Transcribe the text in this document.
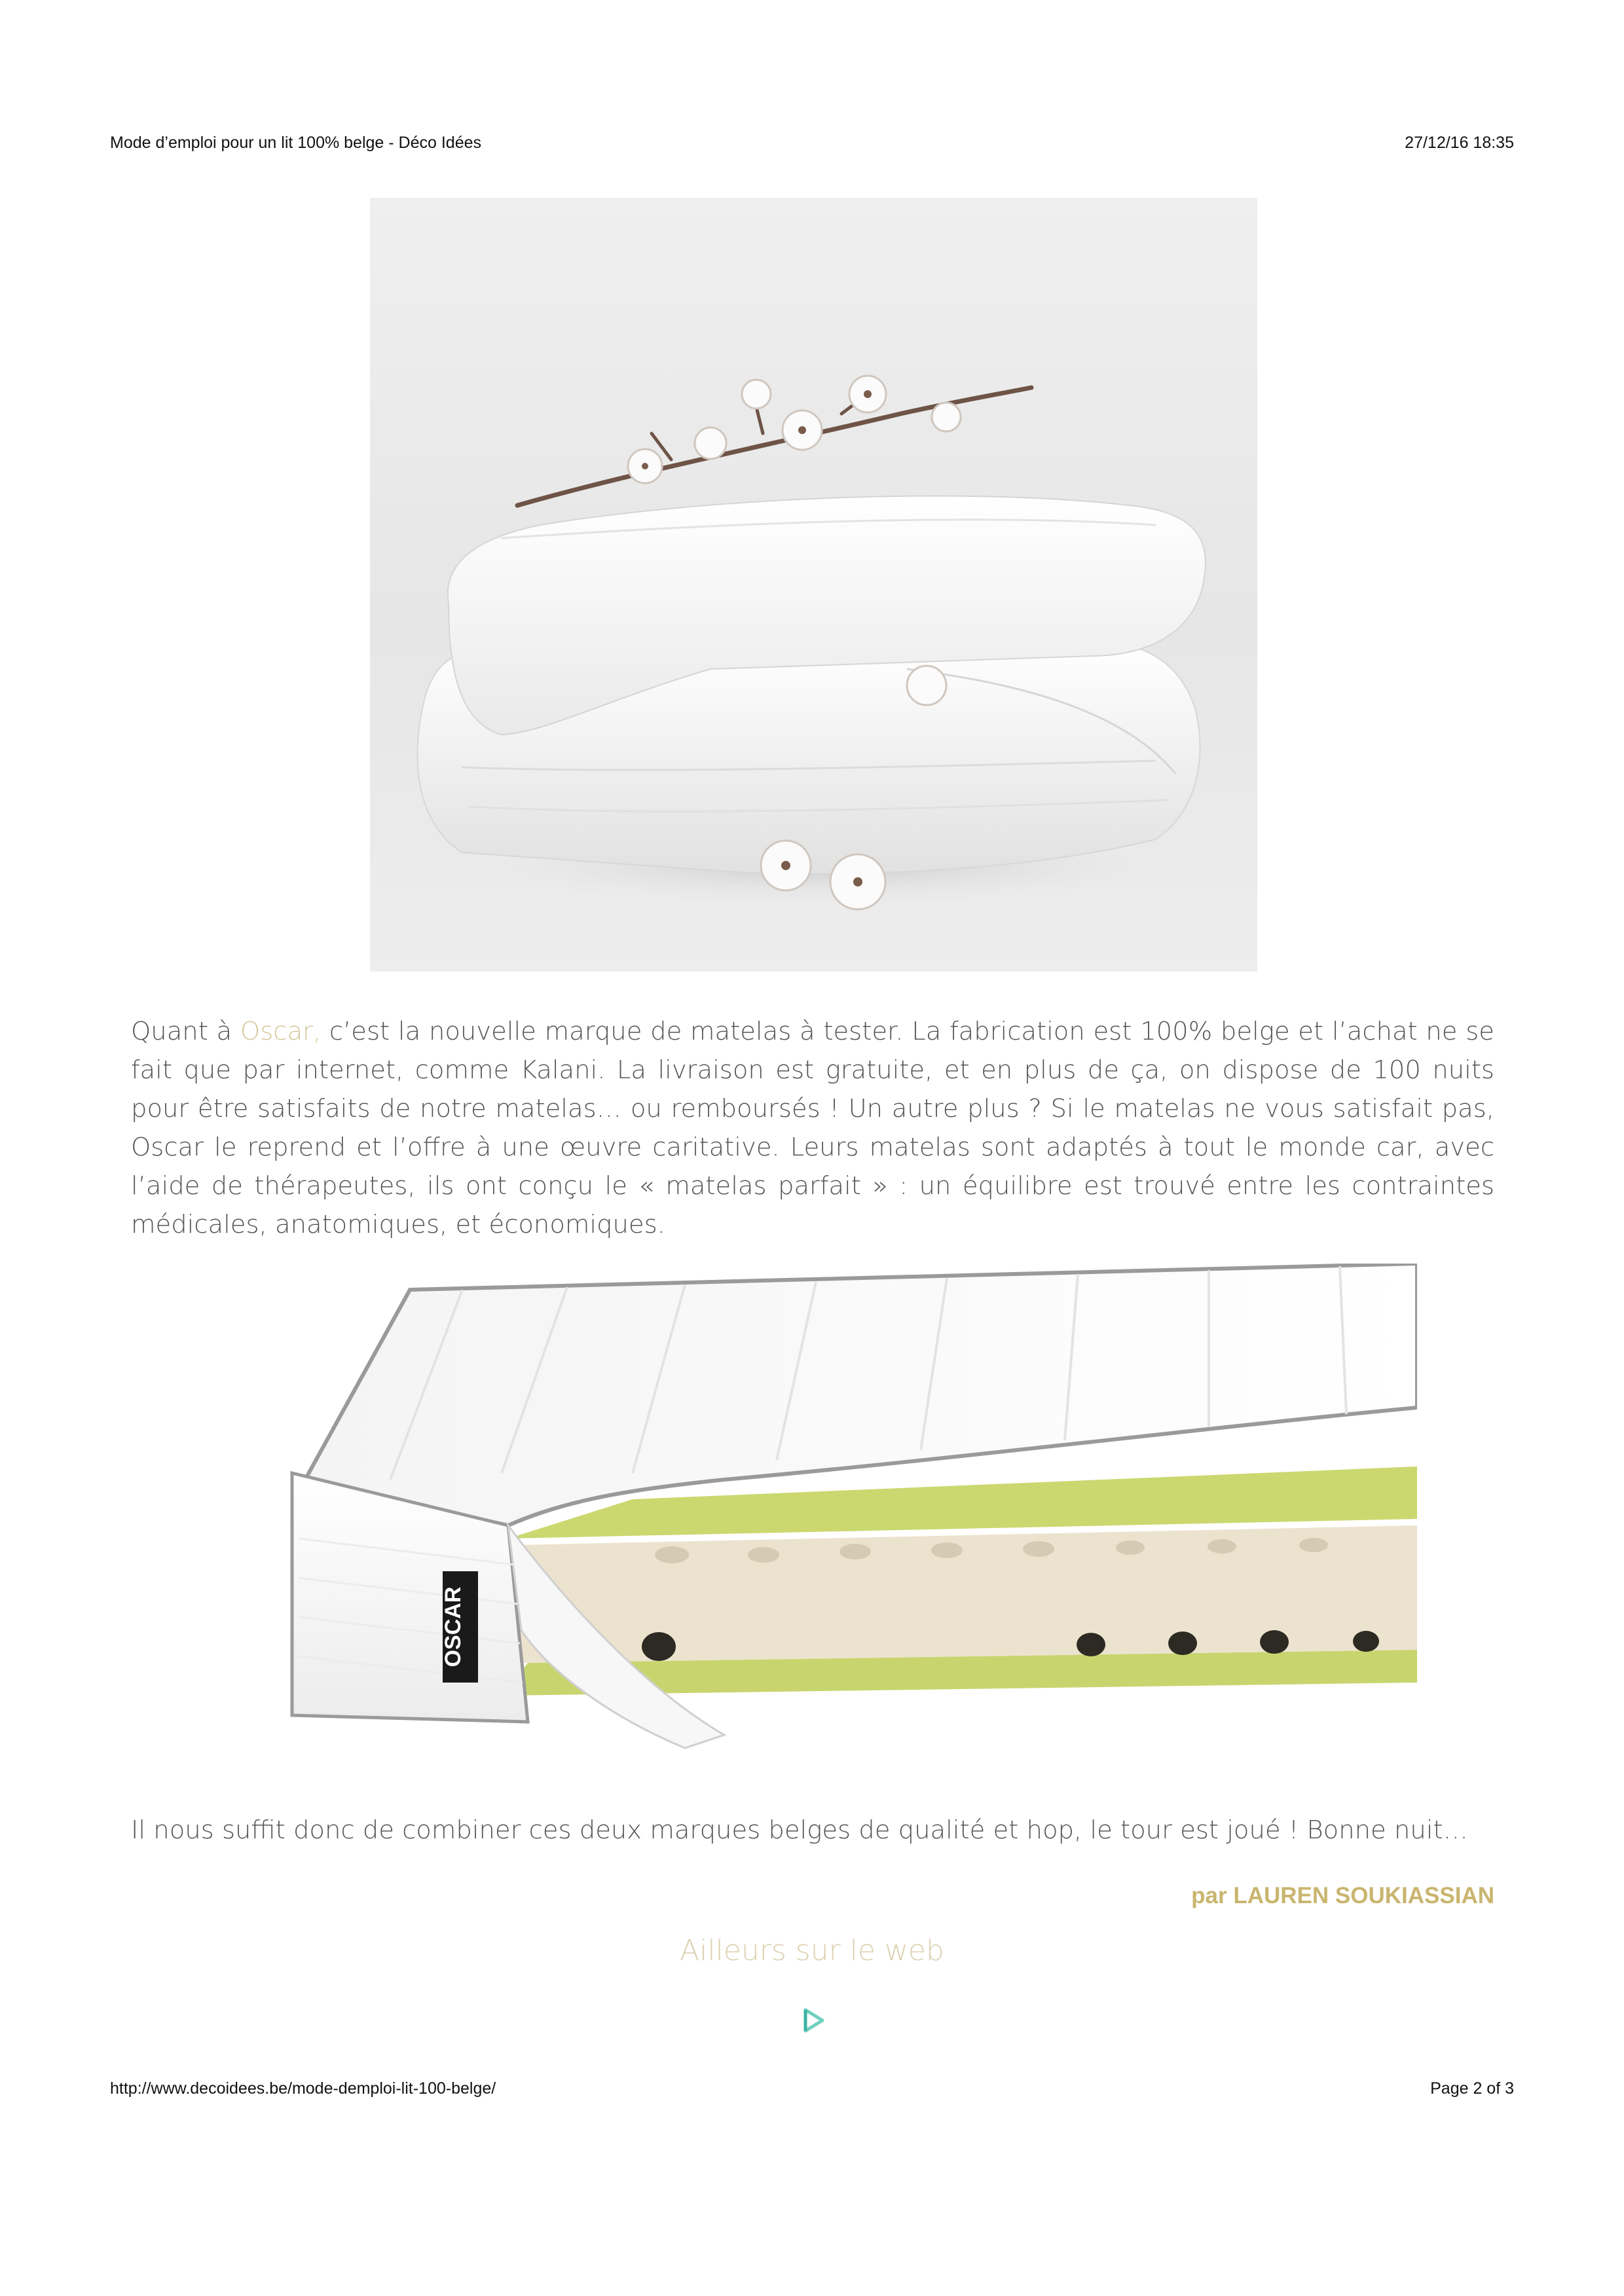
Mode d’emploi pour un lit 100% belge - Déco Idées	27/12/16 18:35

Quant à Oscar, c’est la nouvelle marque de matelas à tester. La fabrication est 100% belge et l’achat ne se fait que par internet, comme Kalani. La livraison est gratuite, et en plus de ça, on dispose de 100 nuits pour être satisfaits de notre matelas… ou remboursés ! Un autre plus ? Si le matelas ne vous satisfait pas, Oscar le reprend et l’offre à une œuvre caritative. Leurs matelas sont adaptés à tout le monde car, avec l’aide de thérapeutes, ils ont conçu le « matelas parfait » : un équilibre est trouvé entre les contraintes médicales, anatomiques, et économiques.

OSCAR

Il nous suffit donc de combiner ces deux marques belges de qualité et hop, le tour est joué ! Bonne nuit…

par LAUREN SOUKIASSIAN
Ailleurs sur le web
http://www.decoidees.be/mode-demploi-lit-100-belge/	Page 2 of 3
